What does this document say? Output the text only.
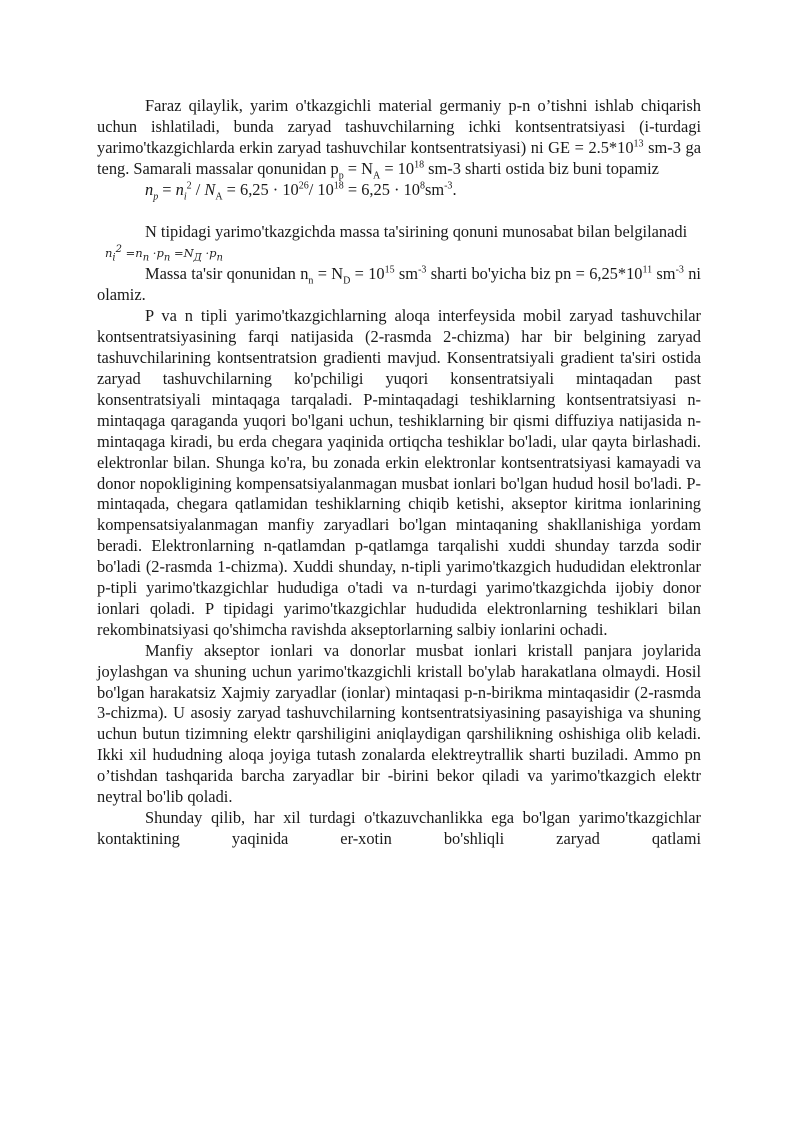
Faraz qilaylik, yarim o'tkazgichli material germaniy p-n o’tishni ishlab chiqarish uchun ishlatiladi, bunda zaryad tashuvchilarning ichki kontsentratsiyasi (i-turdagi yarimo'tkazgichlarda erkin zaryad tashuvchilar kontsentratsiyasi) ni GE = $2.5*10^{13}$ sm-3 ga teng. Samarali massalar qonunidan $p_p = N_A = 10^{18}$ sm-3 sharti ostida biz buni topamiz

$n_p = n_i^2 / N_A = 6,25 \cdot 10^{26}/$ $10^{18} = 6,25 \cdot 10^8sm^{-3}$.

N tipidagi yarimo'tkazgichda massa ta'sirining qonuni munosabat bilan belgilanadi

$n_i^2 =n_n \cdot p_n =N_Д \cdot p_n$

Massa ta'sir qonunidan $n_n = N_D = 10^{15}$ $sm^{-3}$ sharti bo'yicha biz pn = $6,25*10^{11}$ $sm^{-3}$ ni olamiz.

P va n tipli yarimo'tkazgichlarning aloqa interfeysida mobil zaryad tashuvchilar kontsentratsiyasining farqi natijasida (2-rasmda 2-chizma) har bir belgining zaryad tashuvchilarining kontsentratsion gradienti mavjud. Konsentratsiyali gradient ta'siri ostida zaryad tashuvchilarning ko'pchiligi yuqori konsentratsiyali mintaqadan past konsentratsiyali mintaqaga tarqaladi. P-mintaqadagi teshiklarning kontsentratsiyasi n-mintaqaga qaraganda yuqori bo'lgani uchun, teshiklarning bir qismi diffuziya natijasida n-mintaqaga kiradi, bu erda chegara yaqinida ortiqcha teshiklar bo'ladi, ular qayta birlashadi. elektronlar bilan. Shunga ko'ra, bu zonada erkin elektronlar kontsentratsiyasi kamayadi va donor nopokligining kompensatsiyalanmagan musbat ionlari bo'lgan hudud hosil bo'ladi. P-mintaqada, chegara qatlamidan teshiklarning chiqib ketishi, akseptor kiritma ionlarining kompensatsiyalanmagan manfiy zaryadlari bo'lgan mintaqaning shakllanishiga yordam beradi. Elektronlarning n-qatlamdan p-qatlamga tarqalishi xuddi shunday tarzda sodir bo'ladi (2-rasmda 1-chizma). Xuddi shunday, n-tipli yarimo'tkazgich hududidan elektronlar p-tipli yarimo'tkazgichlar hududiga o'tadi va n-turdagi yarimo'tkazgichda ijobiy donor ionlari qoladi. P tipidagi yarimo'tkazgichlar hududida elektronlarning teshiklari bilan rekombinatsiyasi qo'shimcha ravishda akseptorlarning salbiy ionlarini ochadi.

Manfiy akseptor ionlari va donorlar musbat ionlari kristall panjara joylarida joylashgan va shuning uchun yarimo'tkazgichli kristall bo'ylab harakatlana olmaydi. Hosil bo'lgan harakatsiz Xajmiy zaryadlar (ionlar) mintaqasi p-n-birikma mintaqasidir (2-rasmda 3-chizma). U asosiy zaryad tashuvchilarning kontsentratsiyasining pasayishiga va shuning uchun butun tizimning elektr qarshiligini aniqlaydigan qarshilikning oshishiga olib keladi. Ikki xil hududning aloqa joyiga tutash zonalarda elektreytrallik sharti buziladi. Ammo pn o’tishdan tashqarida barcha zaryadlar bir -birini bekor qiladi va yarimo'tkazgich elektr neytral bo'lib qoladi.

Shunday qilib, har xil turdagi o'tkazuvchanlikka ega bo'lgan yarimo'tkazgichlar kontaktining yaqinida er-xotin bo'shliqli zaryad qatlami
